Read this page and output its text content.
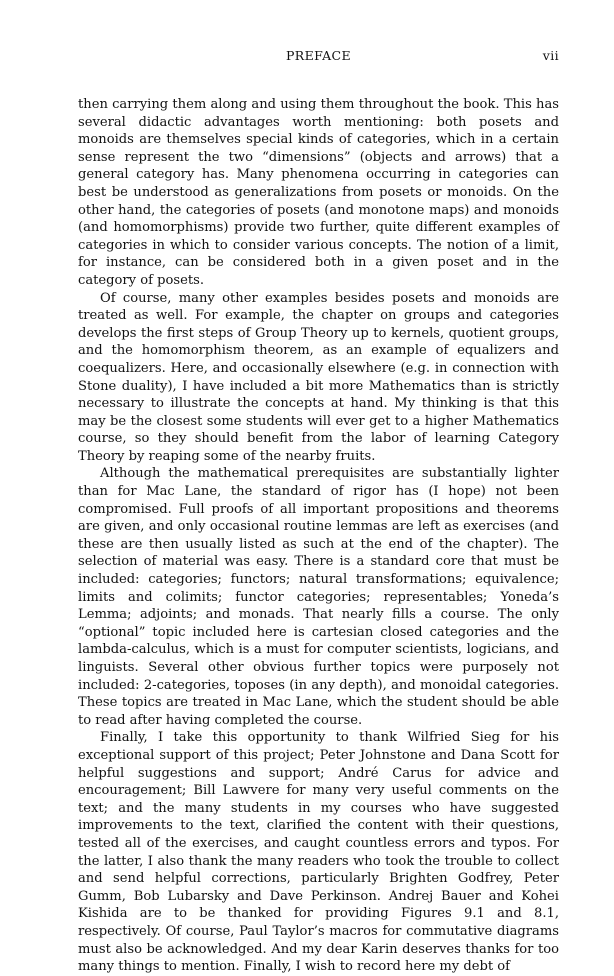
PREFACE	vii

then carrying them along and using them throughout the book. This has several didactic advantages worth mentioning: both posets and monoids are themselves special kinds of categories, which in a certain sense represent the two “dimensions” (objects and arrows) that a general category has. Many phenomena occurring in categories can best be understood as generalizations from posets or monoids. On the other hand, the categories of posets (and monotone maps) and monoids (and homomorphisms) provide two further, quite different examples of categories in which to consider various concepts. The notion of a limit, for instance, can be considered both in a given poset and in the category of posets.

Of course, many other examples besides posets and monoids are treated as well. For example, the chapter on groups and categories develops the first steps of Group Theory up to kernels, quotient groups, and the homomorphism theorem, as an example of equalizers and coequalizers. Here, and occasionally elsewhere (e.g. in connection with Stone duality), I have included a bit more Mathematics than is strictly necessary to illustrate the concepts at hand. My thinking is that this may be the closest some students will ever get to a higher Mathematics course, so they should benefit from the labor of learning Category Theory by reaping some of the nearby fruits.

Although the mathematical prerequisites are substantially lighter than for Mac Lane, the standard of rigor has (I hope) not been compromised. Full proofs of all important propositions and theorems are given, and only occasional routine lemmas are left as exercises (and these are then usually listed as such at the end of the chapter). The selection of material was easy. There is a standard core that must be included: categories; functors; natural transformations; equivalence; limits and colimits; functor categories; representables; Yoneda’s Lemma; adjoints; and monads. That nearly fills a course. The only “optional” topic included here is cartesian closed categories and the lambda-calculus, which is a must for computer scientists, logicians, and linguists. Several other obvious further topics were purposely not included: 2-categories, toposes (in any depth), and monoidal categories. These topics are treated in Mac Lane, which the student should be able to read after having completed the course.

Finally, I take this opportunity to thank Wilfried Sieg for his exceptional support of this project; Peter Johnstone and Dana Scott for helpful suggestions and support; André Carus for advice and encouragement; Bill Lawvere for many very useful comments on the text; and the many students in my courses who have suggested improvements to the text, clarified the content with their questions, tested all of the exercises, and caught countless errors and typos. For the latter, I also thank the many readers who took the trouble to collect and send helpful corrections, particularly Brighten Godfrey, Peter Gumm, Bob Lubarsky and Dave Perkinson. Andrej Bauer and Kohei Kishida are to be thanked for providing Figures 9.1 and 8.1, respectively. Of course, Paul Taylor’s macros for commutative diagrams must also be acknowledged. And my dear Karin deserves thanks for too many things to mention. Finally, I wish to record here my debt of
